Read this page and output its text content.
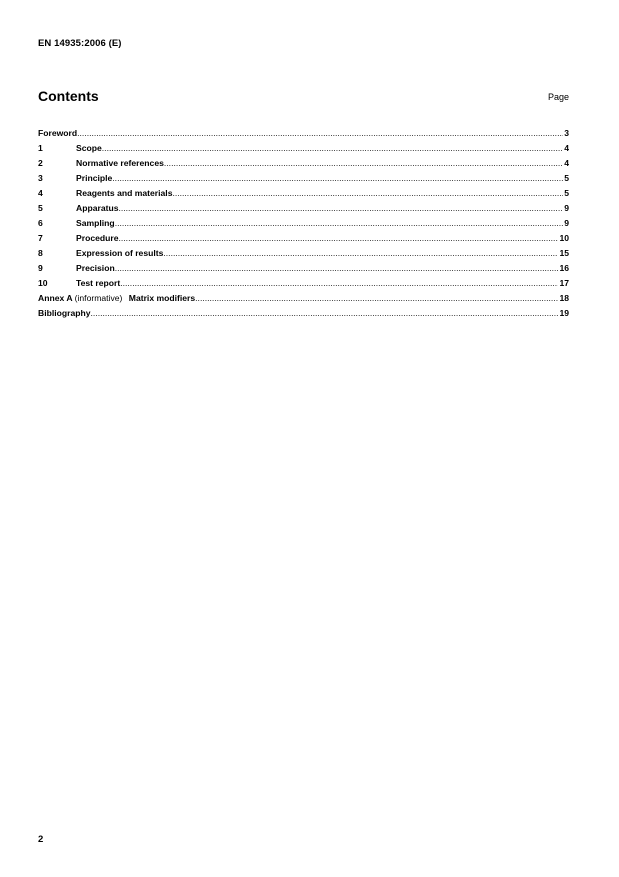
EN 14935:2006 (E)
Contents	Page
Foreword .....	3
1	Scope .....	4
2	Normative references .....	4
3	Principle .....	5
4	Reagents and materials .....	5
5	Apparatus .....	9
6	Sampling .....	9
7	Procedure .....	10
8	Expression of results .....	15
9	Precision .....	16
10	Test report .....	17
Annex A (informative) Matrix modifiers .....	18
Bibliography .....	19
2
